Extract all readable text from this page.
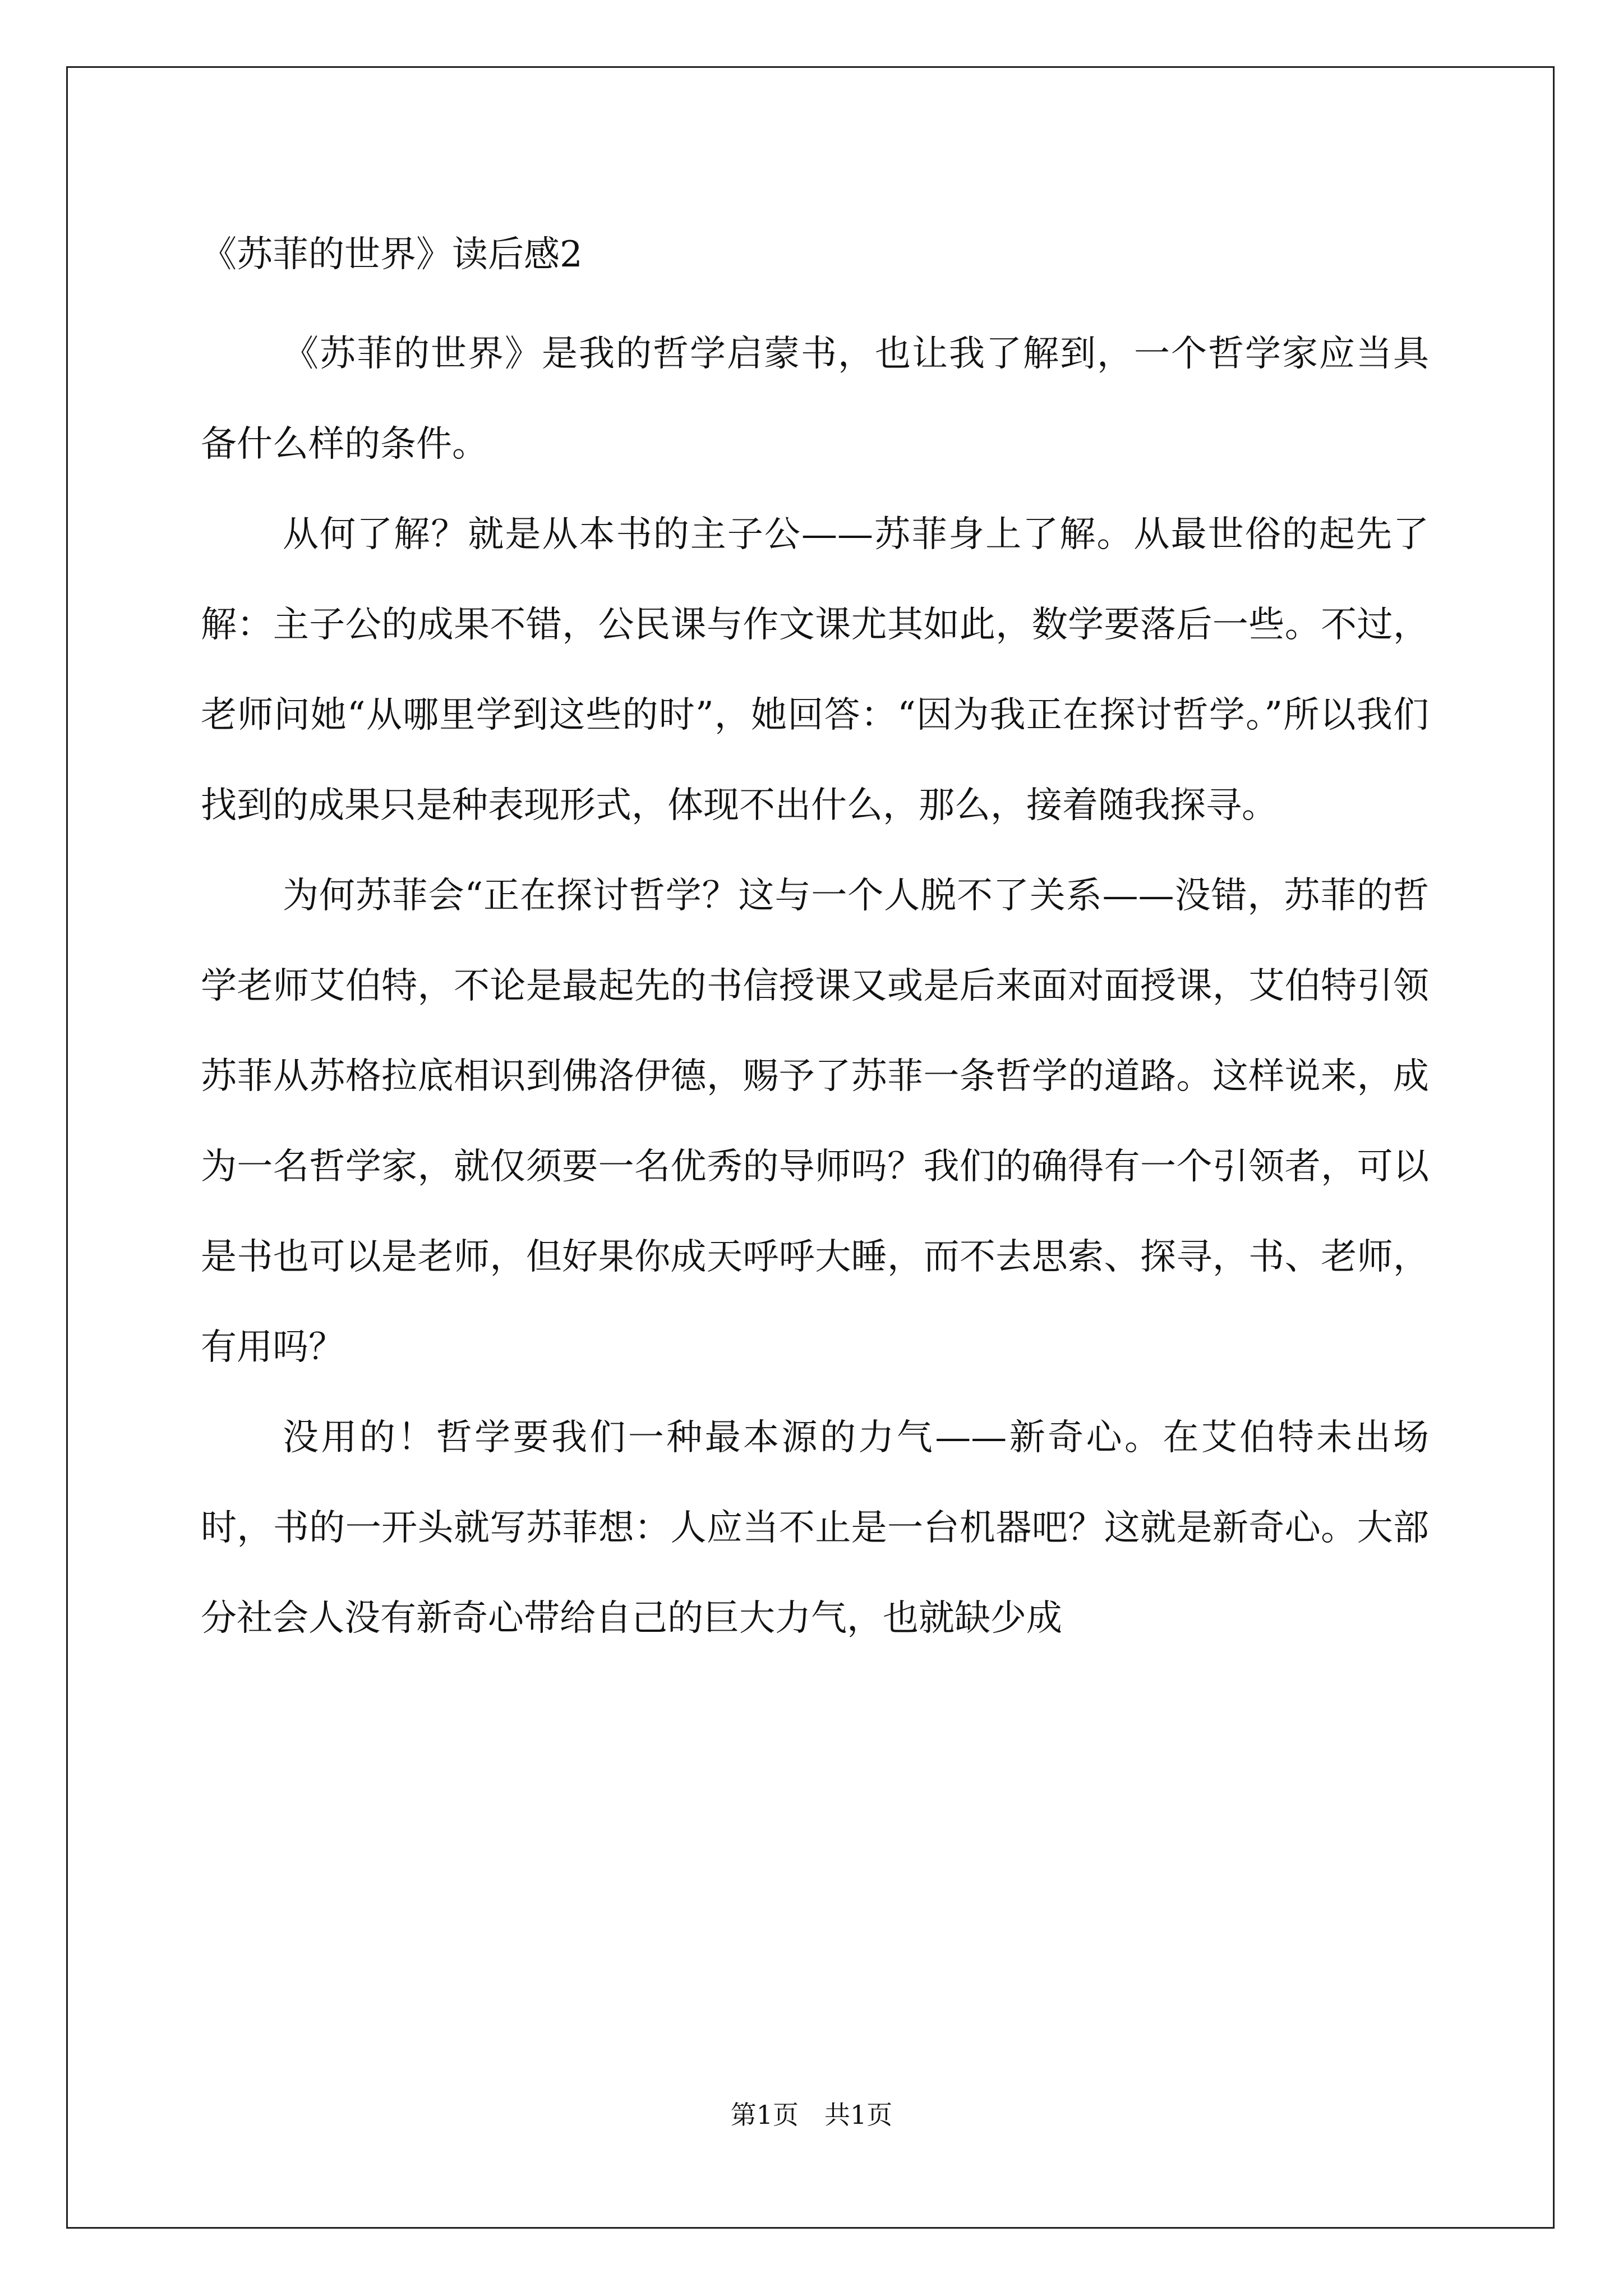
《苏菲的世界》读后感2

《苏菲的世界》是我的哲学启蒙书，也让我了解到，一个哲学家应当具备什么样的条件。

从何了解？就是从本书的主子公——苏菲身上了解。从最世俗的起先了解：主子公的成果不错，公民课与作文课尤其如此，数学要落后一些。不过，老师问她“从哪里学到这些的时”，她回答：“因为我正在探讨哲学。”所以我们找到的成果只是种表现形式，体现不出什么，那么，接着随我探寻。

为何苏菲会“正在探讨哲学？这与一个人脱不了关系——没错，苏菲的哲学老师艾伯特，不论是最起先的书信授课又或是后来面对面授课，艾伯特引领苏菲从苏格拉底相识到佛洛伊德，赐予了苏菲一条哲学的道路。这样说来，成为一名哲学家，就仅须要一名优秀的导师吗？我们的确得有一个引领者，可以是书也可以是老师，但好果你成天呼呼大睡，而不去思索、探寻，书、老师，有用吗？

没用的！哲学要我们一种最本源的力气——新奇心。在艾伯特未出场时，书的一开头就写苏菲想：人应当不止是一台机器吧？这就是新奇心。大部分社会人没有新奇心带给自己的巨大力气，也就缺少成

第1页　共1页
